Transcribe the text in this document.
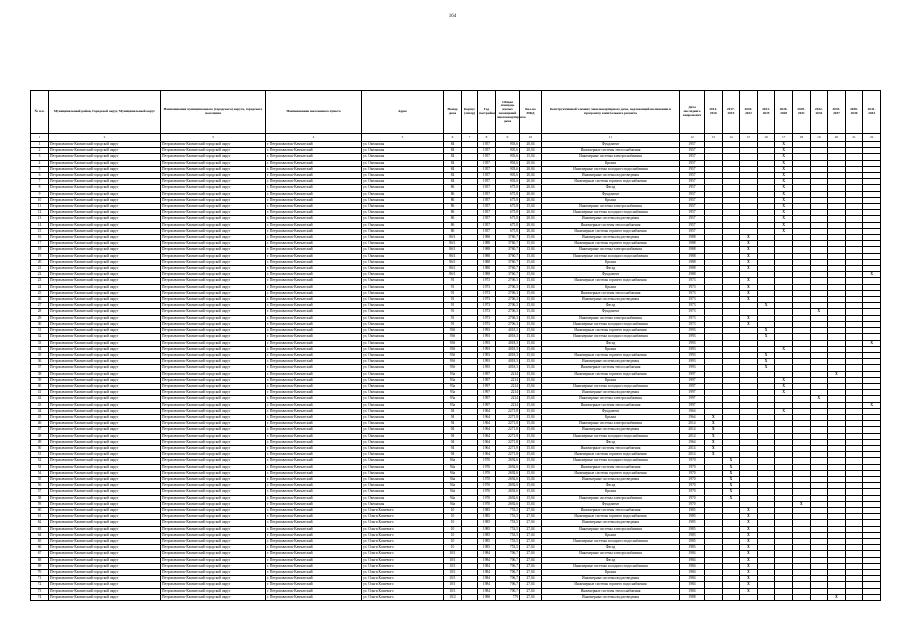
164
№ п.п.	Муниципальный район, Городской округ, Муниципальный округ	Наименование муниципального (городского) округа, городского поселения	Наименование населенного пункта	Адрес	Номер дома	Корпус (литер)	Год постройки	Общая площадь жилых помещений многоквартирного дома	Кол-во МКД	Конструктивный элемент, многоквартирного дома, подлежащий включению в программу капитального ремонта	Дата последнего капремонта	2014-2016	2017-2019	2020-2022	2023-2025	2026-2028	2029-2031	2032-2034	2035-2037	2038-2040	2041-2043
1	2	3	4	5	6	7	8	9	10	11	12	13	14	15	16	17	18	19	20	21	22
1	Петропавловск-Камчатский городской округ	Петропавловск-Камчатский городской округ	г. Петропавловск-Камчатский	ул. Океанская	84		1957	903,6	20,04	Фундамент	1957					X					
2	Петропавловск-Камчатский городской округ	Петропавловск-Камчатский городской округ	г. Петропавловск-Камчатский	ул. Океанская	84		1957	903,6	20,04	Инженерные системы теплоснабжения	1957					X					
3	Петропавловск-Камчатский городской округ	Петропавловск-Камчатский городской округ	г. Петропавловск-Камчатский	ул. Океанская	84		1957	903,6	15,04	Инженерные системы электроснабжения	1957					X					
4	Петропавловск-Камчатский городской округ	Петропавловск-Камчатский городской округ	г. Петропавловск-Камчатский	ул. Океанская	84		1957	903,6	20,04	Крыша	1957					X					
5	Петропавловск-Камчатский городской округ	Петропавловск-Камчатский городской округ	г. Петропавловск-Камчатский	ул. Океанская	84		1957	903,6	20,04	Инженерные системы холодного водоснабжения	1957					X					
6	Петропавловск-Камчатский городской округ	Петропавловск-Камчатский городской округ	г. Петропавловск-Камчатский	ул. Океанская	84		1957	903,6	20,04	Инженерные системы водоотведения	1957					X					
7	Петропавловск-Камчатский городской округ	Петропавловск-Камчатский городской округ	г. Петропавловск-Камчатский	ул. Океанская	84		1957	903,6	20,04	Инженерные системы горячего водоснабжения	1957					X					
8	Петропавловск-Камчатский городской округ	Петропавловск-Камчатский городской округ	г. Петропавловск-Камчатский	ул. Океанская	86		1957	675,8	20,04	Фасад	1957					X					
9	Петропавловск-Камчатский городской округ	Петропавловск-Камчатский городской округ	г. Петропавловск-Камчатский	ул. Океанская	86		1957	675,8	20,04	Фундамент	1957					X					
10	Петропавловск-Камчатский городской округ	Петропавловск-Камчатский городской округ	г. Петропавловск-Камчатский	ул. Океанская	86		1957	675,8	20,04	Крыша	1957					X					
11	Петропавловск-Камчатский городской округ	Петропавловск-Камчатский городской округ	г. Петропавловск-Камчатский	ул. Океанская	86		1957	675,8	15,04	Инженерные системы электроснабжения	1957					X					
12	Петропавловск-Камчатский городской округ	Петропавловск-Камчатский городской округ	г. Петропавловск-Камчатский	ул. Океанская	86		1957	675,8	20,04	Инженерные системы холодного водоснабжения	1957					X					
13	Петропавловск-Камчатский городской округ	Петропавловск-Камчатский городской округ	г. Петропавловск-Камчатский	ул. Океанская	86		1957	675,8	20,04	Инженерные системы водоотведения	1957					X					
14	Петропавловск-Камчатский городской округ	Петропавловск-Камчатский городской округ	г. Петропавловск-Камчатский	ул. Океанская	86		1957	675,8	20,04	Инженерные системы теплоснабжения	1957					X					
15	Петропавловск-Камчатский городской округ	Петропавловск-Камчатский городской округ	г. Петропавловск-Камчатский	ул. Океанская	86		1957	675,8	20,04	Инженерные системы горячего водоснабжения	1957					X					
16	Петропавловск-Камчатский городской округ	Петропавловск-Камчатский городской округ	г. Петропавловск-Камчатский	ул. Океанская	86/1		1988	3760,7	15,04	Инженерные системы водоотведения	1988			X							
17	Петропавловск-Камчатский городской округ	Петропавловск-Камчатский городской округ	г. Петропавловск-Камчатский	ул. Океанская	86/1		1988	3760,7	15,04	Инженерные системы горячего водоснабжения	1988			X							
18	Петропавловск-Камчатский городской округ	Петропавловск-Камчатский городской округ	г. Петропавловск-Камчатский	ул. Океанская	86/1		1988	3760,7	15,04	Инженерные системы электроснабжения	1988			X							
19	Петропавловск-Камчатский городской округ	Петропавловск-Камчатский городской округ	г. Петропавловск-Камчатский	ул. Океанская	86/1		1988	3760,7	15,04	Инженерные системы холодного водоснабжения	1988			X							
20	Петропавловск-Камчатский городской округ	Петропавловск-Камчатский городской округ	г. Петропавловск-Камчатский	ул. Океанская	86/1		1988	3760,7	15,04	Крыша	1988			X							
21	Петропавловск-Камчатский городской округ	Петропавловск-Камчатский городской округ	г. Петропавловск-Камчатский	ул. Океанская	86/1		1988	3760,7	15,04	Фасад	1988			X							
22	Петропавловск-Камчатский городской округ	Петропавловск-Камчатский городской округ	г. Петропавловск-Камчатский	ул. Океанская	86/1		1988	3760,7	15,04	Фундамент	1988										X
23	Петропавловск-Камчатский городской округ	Петропавловск-Камчатский городской округ	г. Петропавловск-Камчатский	ул. Океанская	91		1973	2706,3	15,04	Инженерные системы горячего водоснабжения	1973			X							
24	Петропавловск-Камчатский городской округ	Петропавловск-Камчатский городской округ	г. Петропавловск-Камчатский	ул. Океанская	91		1973	2706,3	15,04	Крыша	1973			X							
25	Петропавловск-Камчатский городской округ	Петропавловск-Камчатский городской округ	г. Петропавловск-Камчатский	ул. Океанская	91		1973	2706,3	15,04	Инженерные системы теплоснабжения	1973			X							
26	Петропавловск-Камчатский городской округ	Петропавловск-Камчатский городской округ	г. Петропавловск-Камчатский	ул. Океанская	91		1973	2706,3	15,04	Инженерные системы водоотведения	1973			X							
27	Петропавловск-Камчатский городской округ	Петропавловск-Камчатский городской округ	г. Петропавловск-Камчатский	ул. Океанская	91		1973	2706,3	15,04	Фасад	1973				X						
28	Петропавловск-Камчатский городской округ	Петропавловск-Камчатский городской округ	г. Петропавловск-Камчатский	ул. Океанская	91		1973	2706,3	15,04	Фундамент	1973							X			
29	Петропавловск-Камчатский городской округ	Петропавловск-Камчатский городской округ	г. Петропавловск-Камчатский	ул. Океанская	91		1973	2706,3	15,04	Инженерные системы электроснабжения	1973			X							
30	Петропавловск-Камчатский городской округ	Петропавловск-Камчатский городской округ	г. Петропавловск-Камчатский	ул. Океанская	91		1973	2706,3	15,04	Инженерные системы холодного водоснабжения	1973			X							
31	Петропавловск-Камчатский городской округ	Петропавловск-Камчатский городской округ	г. Петропавловск-Камчатский	ул. Океанская	93б		1993	4018,3	15,04	Инженерные системы горячего водоснабжения	1993				X						
32	Петропавловск-Камчатский городской округ	Петропавловск-Камчатский городской округ	г. Петропавловск-Камчатский	ул. Океанская	93б		1993	4018,3	15,04	Инженерные системы холодного водоснабжения	1993				X						
33	Петропавловск-Камчатский городской округ	Петропавловск-Камчатский городской округ	г. Петропавловск-Камчатский	ул. Океанская	93б		1993	4018,3	15,04	Фасад	1993										X
34	Петропавловск-Камчатский городской округ	Петропавловск-Камчатский городской округ	г. Петропавловск-Камчатский	ул. Океанская	93б		1993	4018,3	15,04	Крыша	1993					X					
35	Петропавловск-Камчатский городской округ	Петропавловск-Камчатский городской округ	г. Петропавловск-Камчатский	ул. Океанская	93б		1993	4018,3	15,04	Инженерные системы горячего водоснабжения	1993				X						
36	Петропавловск-Камчатский городской округ	Петропавловск-Камчатский городской округ	г. Петропавловск-Камчатский	ул. Океанская	93б		1993	4018,3	15,04	Инженерные системы водоотведения	1993				X						
37	Петропавловск-Камчатский городской округ	Петропавловск-Камчатский городской округ	г. Петропавловск-Камчатский	ул. Океанская	93б		1993	4018,3	15,04	Инженерные системы теплоснабжения	1993				X						
38	Петропавловск-Камчатский городской округ	Петропавловск-Камчатский городской округ	г. Петропавловск-Камчатский	ул. Океанская	93а		1997	2214	15,04	Инженерные системы горячего водоснабжения	1997								X		
39	Петропавловск-Камчатский городской округ	Петропавловск-Камчатский городской округ	г. Петропавловск-Камчатский	ул. Океанская	93а		1997	2214	15,04	Крыша	1997					X					
40	Петропавловск-Камчатский городской округ	Петропавловск-Камчатский городской округ	г. Петропавловск-Камчатский	ул. Океанская	93а		1997	2214	15,04	Инженерные системы холодного водоснабжения	1997					X					
41	Петропавловск-Камчатский городской округ	Петропавловск-Камчатский городской округ	г. Петропавловск-Камчатский	ул. Океанская	93а		1997	2214	15,04	Инженерные системы водоотведения	1997					X					
42	Петропавловск-Камчатский городской округ	Петропавловск-Камчатский городской округ	г. Петропавловск-Камчатский	ул. Океанская	93а		1997	2214	15,04	Инженерные системы электроснабжения	1997							X			
43	Петропавловск-Камчатский городской округ	Петропавловск-Камчатский городской округ	г. Петропавловск-Камчатский	ул. Океанская	93а		1997	2214	15,04	Инженерные системы теплоснабжения	1997										X
44	Петропавловск-Камчатский городской округ	Петропавловск-Камчатский городской округ	г. Петропавловск-Камчатский	ул. Океанская	94		1964	2271,8	15,04	Фундамент	1964					X					
45	Петропавловск-Камчатский городской округ	Петропавловск-Камчатский городской округ	г. Петропавловск-Камчатский	ул. Океанская	94		1964	2271,8	15,04	Крыша	1964	X									
46	Петропавловск-Камчатский городской округ	Петропавловск-Камчатский городской округ	г. Петропавловск-Камчатский	ул. Океанская	94		1964	2271,8	15,04	Инженерные системы электроснабжения	2014	X									
47	Петропавловск-Камчатский городской округ	Петропавловск-Камчатский городской округ	г. Петропавловск-Камчатский	ул. Океанская	94		1964	2271,8	15,04	Инженерные системы водоотведения	2014	X									
48	Петропавловск-Камчатский городской округ	Петропавловск-Камчатский городской округ	г. Петропавловск-Камчатский	ул. Океанская	94		1964	2271,8	15,04	Инженерные системы холодного водоснабжения	2014	X									
49	Петропавловск-Камчатский городской округ	Петропавловск-Камчатский городской округ	г. Петропавловск-Камчатский	ул. Океанская	94		1964	2271,8	15,04	Фасад	1964	X									
50	Петропавловск-Камчатский городской округ	Петропавловск-Камчатский городской округ	г. Петропавловск-Камчатский	ул. Океанская	94		1964	2271,8	15,04	Инженерные системы теплоснабжения	2014	X									
51	Петропавловск-Камчатский городской округ	Петропавловск-Камчатский городской округ	г. Петропавловск-Камчатский	ул. Океанская	94		1964	2271,8	15,04	Инженерные системы горячего водоснабжения	2014	X									
52	Петропавловск-Камчатский городской округ	Петропавловск-Камчатский городской округ	г. Петропавловск-Камчатский	ул. Океанская	94а		1970	2692,6	15,04	Инженерные системы холодного водоснабжения	1970		X								
53	Петропавловск-Камчатский городской округ	Петропавловск-Камчатский городской округ	г. Петропавловск-Камчатский	ул. Океанская	94а		1970	2692,6	15,04	Инженерные системы теплоснабжения	1970		X								
54	Петропавловск-Камчатский городской округ	Петропавловск-Камчатский городской округ	г. Петропавловск-Камчатский	ул. Океанская	94а		1970	2692,6	15,04	Инженерные системы горячего водоснабжения	1970		X								
55	Петропавловск-Камчатский городской округ	Петропавловск-Камчатский городской округ	г. Петропавловск-Камчатский	ул. Океанская	94а		1970	2692,6	15,04	Инженерные системы водоотведения	1970		X								
56	Петропавловск-Камчатский городской округ	Петропавловск-Камчатский городской округ	г. Петропавловск-Камчатский	ул. Океанская	94а		1970	2692,6	15,04	Фасад	1970		X								
57	Петропавловск-Камчатский городской округ	Петропавловск-Камчатский городской округ	г. Петропавловск-Камчатский	ул. Океанская	94а		1970	2692,6	15,04	Крыша	1970		X								
58	Петропавловск-Камчатский городской округ	Петропавловск-Камчатский городской округ	г. Петропавловск-Камчатский	ул. Океанская	94а		1970	2692,6	15,04	Инженерные системы электроснабжения	1970		X								
59	Петропавловск-Камчатский городской округ	Петропавловск-Камчатский городской округ	г. Петропавловск-Камчатский	ул. Океанская	94а		1970	2692,6	15,04	Фундамент	1970						X				
60	Петропавловск-Камчатский городской округ	Петропавловск-Камчатский городской округ	г. Петропавловск-Камчатский	ул. Ольги Кошевого	10		1985	753,5	27,04	Инженерные системы теплоснабжения	1985			X							
61	Петропавловск-Камчатский городской округ	Петропавловск-Камчатский городской округ	г. Петропавловск-Камчатский	ул. Ольги Кошевого	10		1985	753,5	27,04	Инженерные системы горячего водоснабжения	1985			X							
62	Петропавловск-Камчатский городской округ	Петропавловск-Камчатский городской округ	г. Петропавловск-Камчатский	ул. Ольги Кошевого	10		1985	753,5	27,04	Инженерные системы водоотведения	1985			X							
63	Петропавловск-Камчатский городской округ	Петропавловск-Камчатский городской округ	г. Петропавловск-Камчатский	ул. Ольги Кошевого	10		1985	753,5	27,04	Инженерные системы электроснабжения	1985			X							
64	Петропавловск-Камчатский городской округ	Петропавловск-Камчатский городской округ	г. Петропавловск-Камчатский	ул. Ольги Кошевого	10		1985	753,5	27,04	Крыша	1985			X							
65	Петропавловск-Камчатский городской округ	Петропавловск-Камчатский городской округ	г. Петропавловск-Камчатский	ул. Ольги Кошевого	10		1985	753,5	27,04	Инженерные системы холодного водоснабжения	1985			X							
66	Петропавловск-Камчатский городской округ	Петропавловск-Камчатский городской округ	г. Петропавловск-Камчатский	ул. Ольги Кошевого	10		1985	753,5	27,04	Фасад	1985			X							
67	Петропавловск-Камчатский городской округ	Петропавловск-Камчатский городской округ	г. Петропавловск-Камчатский	ул. Ольги Кошевого	10/1		1984	706,7	27,04	Инженерные системы электроснабжения	1984			X							
68	Петропавловск-Камчатский городской округ	Петропавловск-Камчатский городской округ	г. Петропавловск-Камчатский	ул. Ольги Кошевого	10/1		1984	706,7	27,04	Фасад	1984			X							
69	Петропавловск-Камчатский городской округ	Петропавловск-Камчатский городской округ	г. Петропавловск-Камчатский	ул. Ольги Кошевого	10/1		1984	706,7	27,04	Инженерные системы холодного водоснабжения	1984			X							
70	Петропавловск-Камчатский городской округ	Петропавловск-Камчатский городской округ	г. Петропавловск-Камчатский	ул. Ольги Кошевого	10/1		1984	706,7	27,04	Крыша	1984			X							
71	Петропавловск-Камчатский городской округ	Петропавловск-Камчатский городской округ	г. Петропавловск-Камчатский	ул. Ольги Кошевого	10/1		1984	706,7	27,04	Инженерные системы водоотведения	1984			X							
72	Петропавловск-Камчатский городской округ	Петропавловск-Камчатский городской округ	г. Петропавловск-Камчатский	ул. Ольги Кошевого	10/1		1984	706,7	27,04	Инженерные системы горячего водоснабжения	1984			X							
73	Петропавловск-Камчатский городской округ	Петропавловск-Камчатский городской округ	г. Петропавловск-Камчатский	ул. Ольги Кошевого	10/1		1984	706,7	27,04	Инженерные системы теплоснабжения	1984			X							
74	Петропавловск-Камчатский городской округ	Петропавловск-Камчатский городской округ	г. Петропавловск-Камчатский	ул. Ольги Кошевого	10/2		1988	779	27,04	Инженерные системы водоотведения	1988								X		
